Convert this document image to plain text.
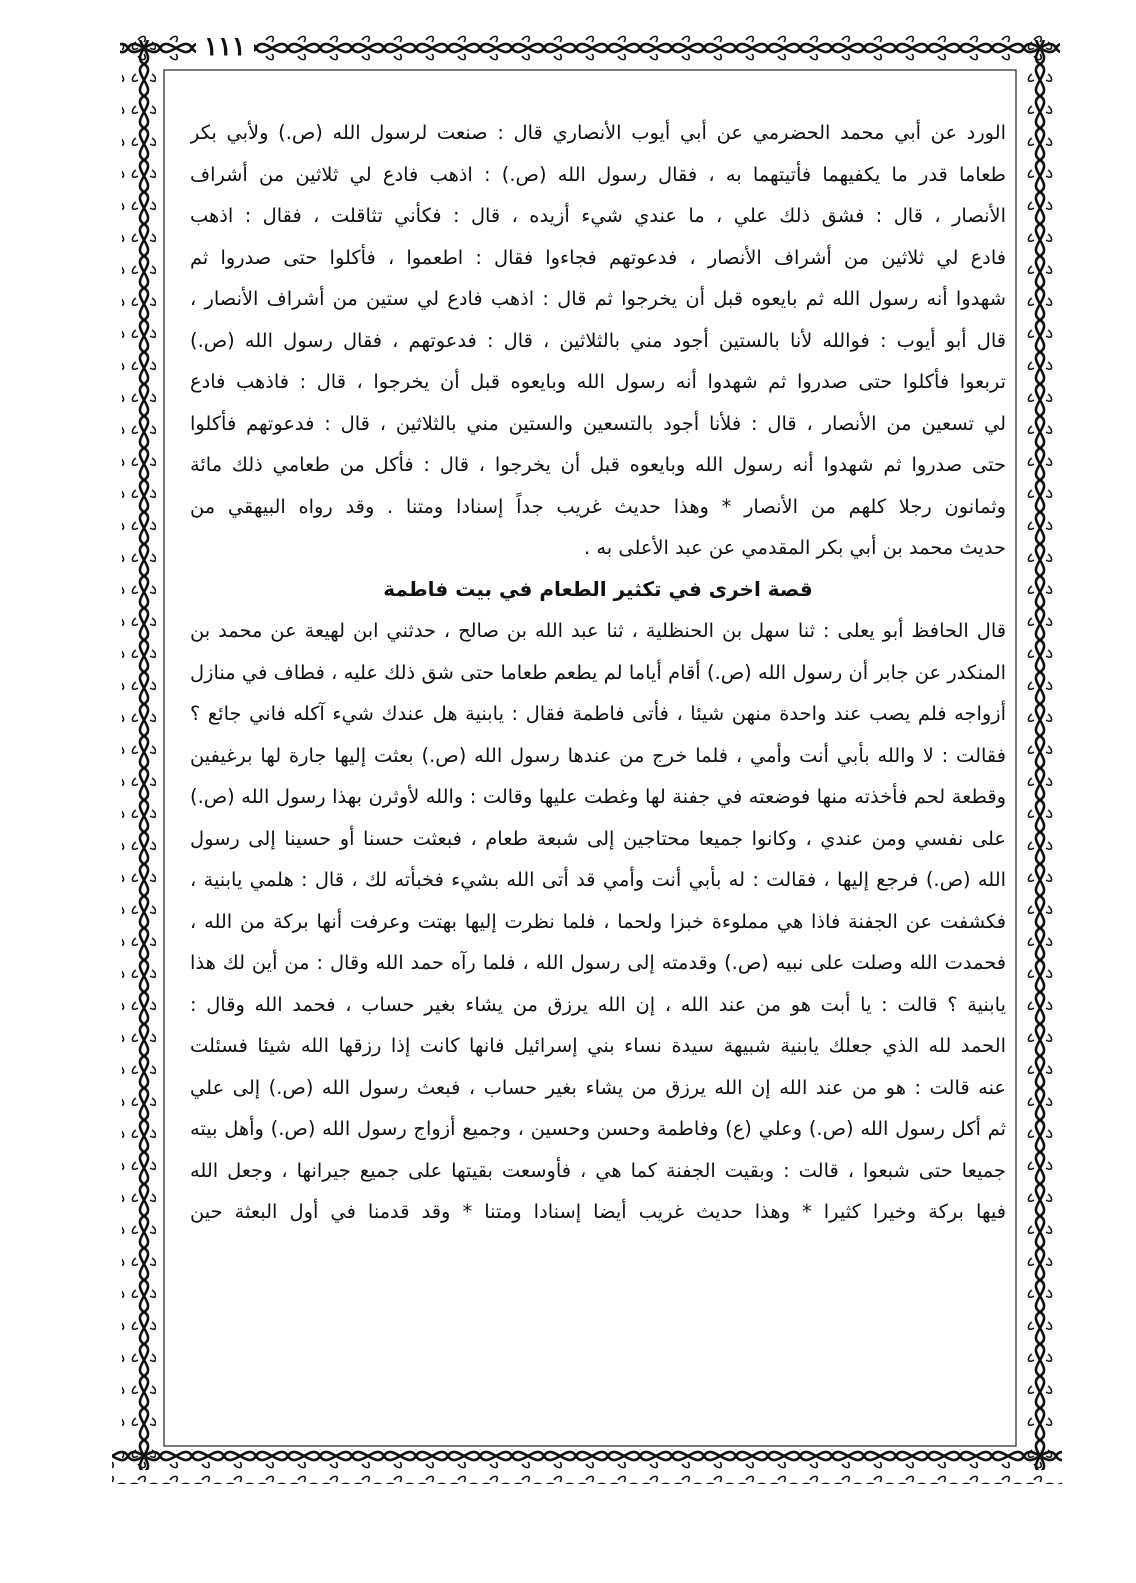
١١١
الورد عن أبي محمد الحضرمي عن أبي أيوب الأنصاري قال : صنعت لرسول الله (ص.) ولأبي بكر
طعاما قدر ما يكفيهما فأتيتهما به ، فقال رسول الله (ص.) : اذهب فادع لي ثلاثين من أشراف
الأنصار ، قال : فشق ذلك علي ، ما عندي شيء أزيده ، قال : فكأني تثاقلت ، فقال : اذهب
فادع لي ثلاثين من أشراف الأنصار ، فدعوتهم فجاءوا فقال : اطعموا ، فأكلوا حتى صدروا ثم
شهدوا أنه رسول الله ثم بايعوه قبل أن يخرجوا ثم قال : اذهب فادع لي ستين من أشراف الأنصار ،
قال أبو أيوب : فوالله لأنا بالستين أجود مني بالثلاثين ، قال : فدعوتهم ، فقال رسول الله (ص.)
تربعوا فأكلوا حتى صدروا ثم شهدوا أنه رسول الله وبايعوه قبل أن يخرجوا ، قال : فاذهب فادع
لي تسعين من الأنصار ، قال : فلأنا أجود بالتسعين والستين مني بالثلاثين ، قال : فدعوتهم فأكلوا
حتى صدروا ثم شهدوا أنه رسول الله وبايعوه قبل أن يخرجوا ، قال : فأكل من طعامي ذلك مائة
وثمانون رجلا كلهم من الأنصار * وهذا حديث غريب جداً إسنادا ومتنا . وقد رواه البيهقي من
حديث محمد بن أبي بكر المقدمي عن عبد الأعلى به .
قصة اخرى في تكثير الطعام في بيت فاطمة
قال الحافظ أبو يعلى : ثنا سهل بن الحنظلية ، ثنا عبد الله بن صالح ، حدثني ابن لهيعة عن محمد بن
المنكدر عن جابر أن رسول الله (ص.) أقام أياما لم يطعم طعاما حتى شق ذلك عليه ، فطاف في منازل
أزواجه فلم يصب عند واحدة منهن شيئا ، فأتى فاطمة فقال : يابنية هل عندك شيء آكله فاني جائع ؟
فقالت : لا والله بأبي أنت وأمي ، فلما خرج من عندها رسول الله (ص.) بعثت إليها جارة لها برغيفين
وقطعة لحم فأخذته منها فوضعته في جفنة لها وغطت عليها وقالت : والله لأوثرن بهذا رسول الله (ص.)
على نفسي ومن عندي ، وكانوا جميعا محتاجين إلى شبعة طعام ، فبعثت حسنا أو حسينا إلى رسول
الله (ص.) فرجع إليها ، فقالت : له بأبي أنت وأمي قد أتى الله بشيء فخبأته لك ، قال : هلمي يابنية ،
فكشفت عن الجفنة فاذا هي مملوءة خبزا ولحما ، فلما نظرت إليها بهتت وعرفت أنها بركة من الله ،
فحمدت الله وصلت على نبيه (ص.) وقدمته إلى رسول الله ، فلما رآه حمد الله وقال : من أين لك هذا
يابنية ؟ قالت : يا أبت هو من عند الله ، إن الله يرزق من يشاء بغير حساب ، فحمد الله وقال :
الحمد لله الذي جعلك يابنية شبيهة سيدة نساء بني إسرائيل فانها كانت إذا رزقها الله شيئا فسئلت
عنه قالت : هو من عند الله إن الله يرزق من يشاء بغير حساب ، فبعث رسول الله (ص.) إلى علي
ثم أكل رسول الله (ص.) وعلي (ع) وفاطمة وحسن وحسين ، وجميع أزواج رسول الله (ص.) وأهل بيته
جميعا حتى شبعوا ، قالت : وبقيت الجفنة كما هي ، فأوسعت بقيتها على جميع جيرانها ، وجعل الله
فيها بركة وخيرا كثيرا * وهذا حديث غريب أيضا إسنادا ومتنا * وقد قدمنا في أول البعثة حين
